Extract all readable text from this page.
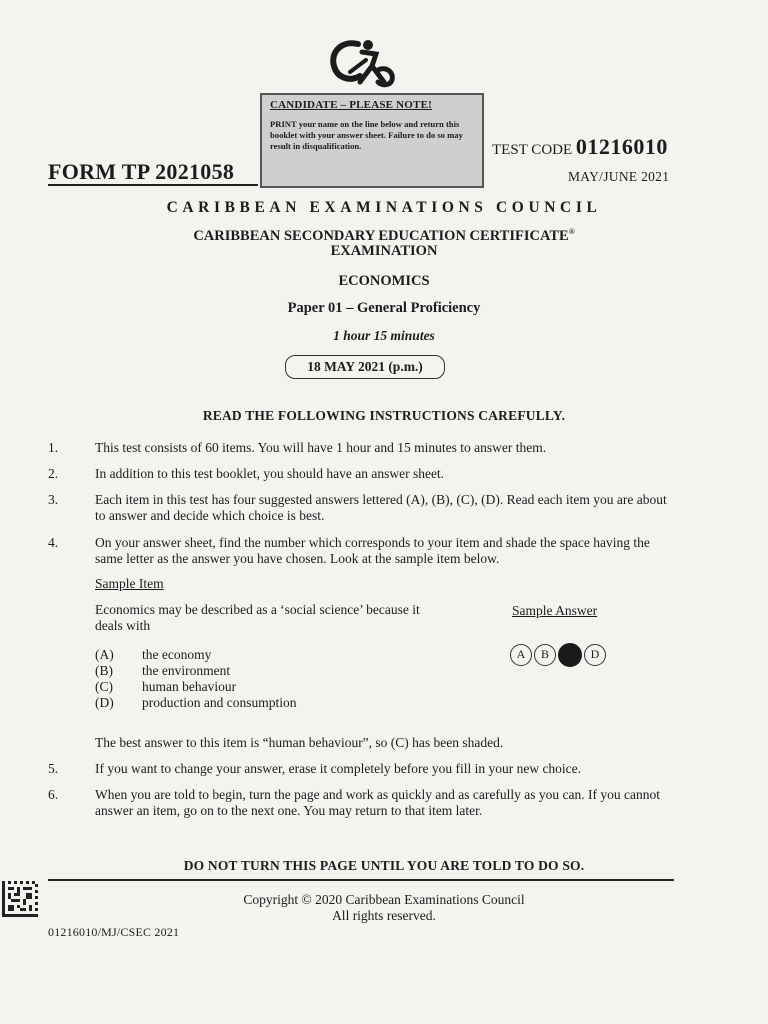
CANDIDATE – PLEASE NOTE!
PRINT your name on the line below and return this booklet with your answer sheet. Failure to do so may result in disqualification.
FORM TP 2021058
TEST CODE 01216010
MAY/JUNE 2021
CARIBBEAN EXAMINATIONS COUNCIL
CARIBBEAN SECONDARY EDUCATION CERTIFICATE®
EXAMINATION
ECONOMICS
Paper 01 – General Proficiency
1 hour 15 minutes
18 MAY 2021 (p.m.)
READ THE FOLLOWING INSTRUCTIONS CAREFULLY.
1.	This test consists of 60 items. You will have 1 hour and 15 minutes to answer them.
2.	In addition to this test booklet, you should have an answer sheet.
3.	Each item in this test has four suggested answers lettered (A), (B), (C), (D). Read each item you are about to answer and decide which choice is best.
4.	On your answer sheet, find the number which corresponds to your item and shade the space having the same letter as the answer you have chosen. Look at the sample item below.
Sample Item
Economics may be described as a ‘social science’ because it deals with
Sample Answer
A	B	D
(A)	the economy
(B)	the environment
(C)	human behaviour
(D)	production and consumption
The best answer to this item is “human behaviour”, so (C) has been shaded.
5.	If you want to change your answer, erase it completely before you fill in your new choice.
6.	When you are told to begin, turn the page and work as quickly and as carefully as you can. If you cannot answer an item, go on to the next one. You may return to that item later.
DO NOT TURN THIS PAGE UNTIL YOU ARE TOLD TO DO SO.
Copyright © 2020 Caribbean Examinations Council
All rights reserved.
01216010/MJ/CSEC 2021
